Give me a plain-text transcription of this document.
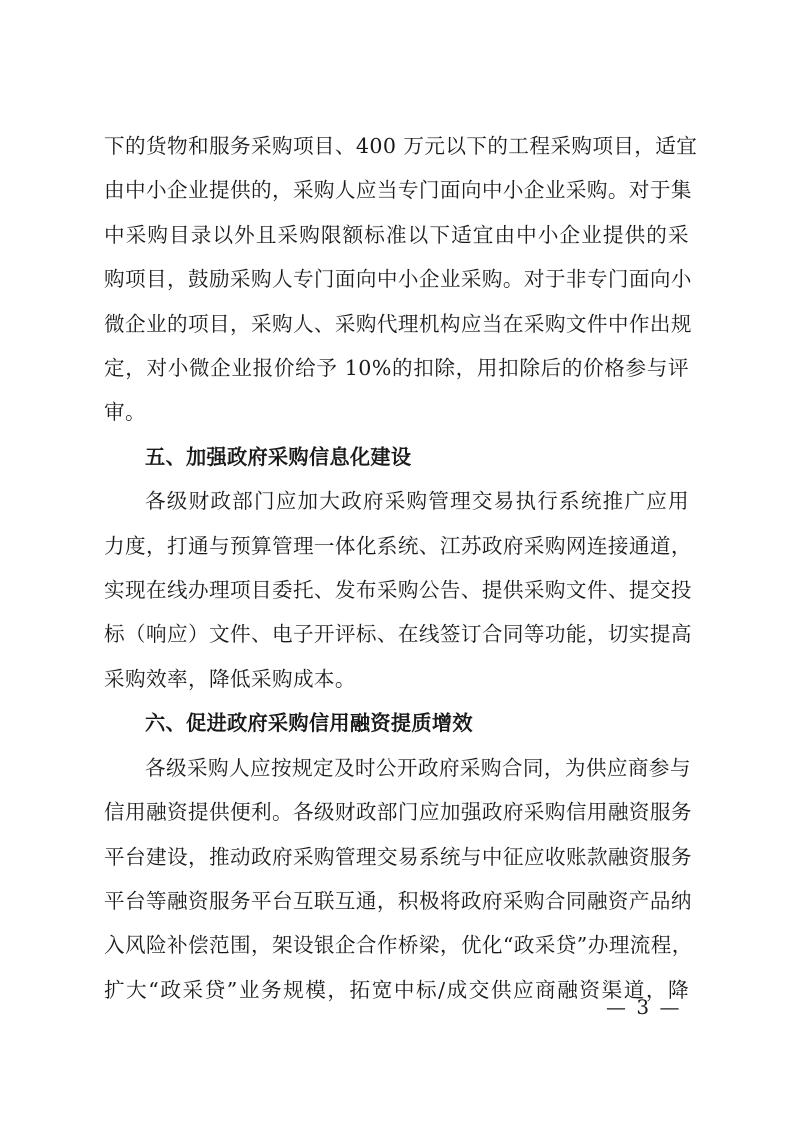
下的货物和服务采购项目、400 万元以下的工程采购项目，适宜
由中小企业提供的，采购人应当专门面向中小企业采购。对于集
中采购目录以外且采购限额标准以下适宜由中小企业提供的采
购项目，鼓励采购人专门面向中小企业采购。对于非专门面向小
微企业的项目，采购人、采购代理机构应当在采购文件中作出规
定，对小微企业报价给予 10%的扣除，用扣除后的价格参与评
审。

五、加强政府采购信息化建设

各级财政部门应加大政府采购管理交易执行系统推广应用
力度，打通与预算管理一体化系统、江苏政府采购网连接通道，
实现在线办理项目委托、发布采购公告、提供采购文件、提交投
标（响应）文件、电子开评标、在线签订合同等功能，切实提高
采购效率，降低采购成本。

六、促进政府采购信用融资提质增效

各级采购人应按规定及时公开政府采购合同，为供应商参与
信用融资提供便利。各级财政部门应加强政府采购信用融资服务
平台建设，推动政府采购管理交易系统与中征应收账款融资服务
平台等融资服务平台互联互通，积极将政府采购合同融资产品纳
入风险补偿范围，架设银企合作桥梁，优化“政采贷”办理流程，
扩大“政采贷”业务规模，拓宽中标/成交供应商融资渠道，降

— 3 —
